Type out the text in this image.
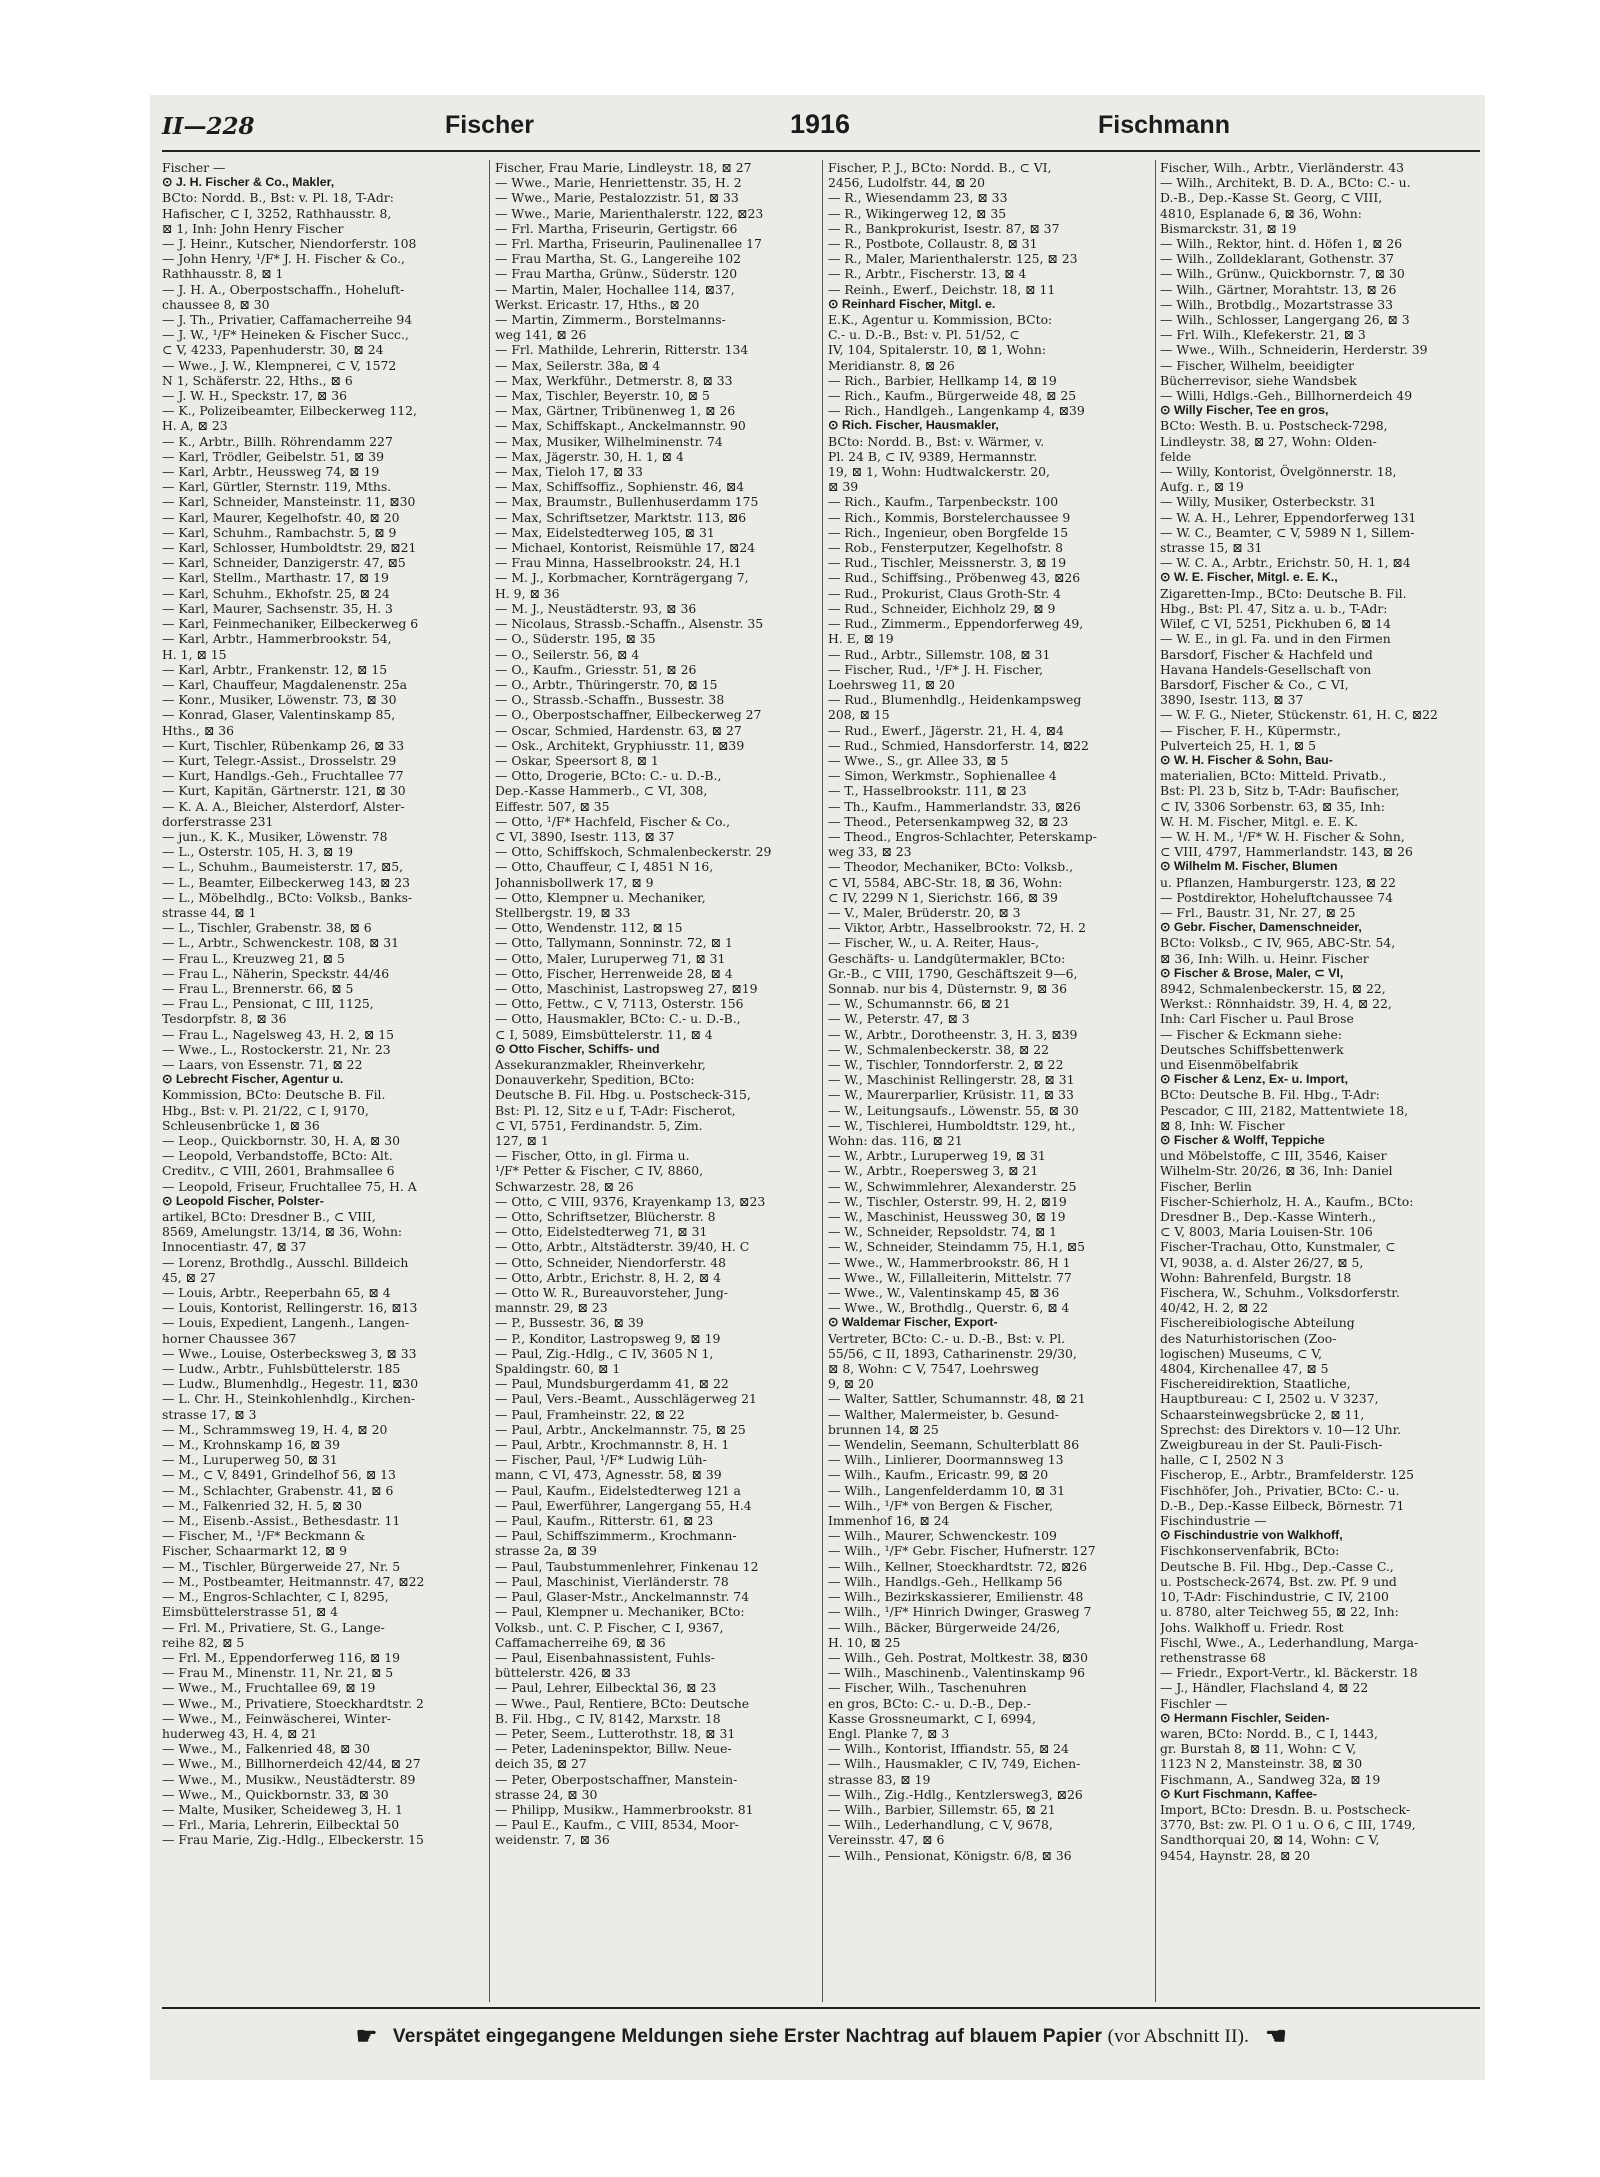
II—228	Fischer	1916	Fischmann
Fischer —
⊙ J. H. Fischer & Co., Makler,
BCto: Nordd. B., Bst: v. Pl. 18, T-Adr:
Hafischer, ⊂ I, 3252, Rathhausstr. 8,
⊠ 1, Inh: John Henry Fischer
— J. Heinr., Kutscher, Niendorferstr. 108
— John Henry, ¹/F* J. H. Fischer & Co.,
Rathhausstr. 8, ⊠ 1
— J. H. A., Oberpostschaffn., Hoheluft-
chaussee 8, ⊠ 30
— J. Th., Privatier, Caffamacherreihe 94
— J. W., ¹/F* Heineken & Fischer Succ.,
⊂ V, 4233, Papenhuderstr. 30, ⊠ 24
— Wwe., J. W., Klempnerei, ⊂ V, 1572
N 1, Schäferstr. 22, Hths., ⊠ 6
— J. W. H., Speckstr. 17, ⊠ 36
— K., Polizeibeamter, Eilbeckerweg 112,
H. A, ⊠ 23
— K., Arbtr., Billh. Röhrendamm 227
— Karl, Trödler, Geibelstr. 51, ⊠ 39
— Karl, Arbtr., Heussweg 74, ⊠ 19
— Karl, Gürtler, Sternstr. 119, Mths.
— Karl, Schneider, Mansteinstr. 11, ⊠30
— Karl, Maurer, Kegelhofstr. 40, ⊠ 20
— Karl, Schuhm., Rambachstr. 5, ⊠ 9
— Karl, Schlosser, Humboldtstr. 29, ⊠21
— Karl, Schneider, Danzigerstr. 47, ⊠5
— Karl, Stellm., Marthastr. 17, ⊠ 19
— Karl, Schuhm., Ekhofstr. 25, ⊠ 24
— Karl, Maurer, Sachsenstr. 35, H. 3
— Karl, Feinmechaniker, Eilbeckerweg 6
— Karl, Arbtr., Hammerbrookstr. 54,
H. 1, ⊠ 15
— Karl, Arbtr., Frankenstr. 12, ⊠ 15
— Karl, Chauffeur, Magdalenenstr. 25a
— Konr., Musiker, Löwenstr. 73, ⊠ 30
— Konrad, Glaser, Valentinskamp 85,
Hths., ⊠ 36
— Kurt, Tischler, Rübenkamp 26, ⊠ 33
— Kurt, Telegr.-Assist., Drosselstr. 29
— Kurt, Handlgs.-Geh., Fruchtallee 77
— Kurt, Kapitän, Gärtnerstr. 121, ⊠ 30
— K. A. A., Bleicher, Alsterdorf, Alster-
dorferstrasse 231
— jun., K. K., Musiker, Löwenstr. 78
— L., Osterstr. 105, H. 3, ⊠ 19
— L., Schuhm., Baumeisterstr. 17, ⊠5,
— L., Beamter, Eilbeckerweg 143, ⊠ 23
— L., Möbelhdlg., BCto: Volksb., Banks-
strasse 44, ⊠ 1
— L., Tischler, Grabenstr. 38, ⊠ 6
— L., Arbtr., Schwenckestr. 108, ⊠ 31
— Frau L., Kreuzweg 21, ⊠ 5
— Frau L., Näherin, Speckstr. 44/46
— Frau L., Brennerstr. 66, ⊠ 5
— Frau L., Pensionat, ⊂ III, 1125,
Tesdorpfstr. 8, ⊠ 36
— Frau L., Nagelsweg 43, H. 2, ⊠ 15
— Wwe., L., Rostockerstr. 21, Nr. 23
— Laars, von Essenstr. 71, ⊠ 22
⊙ Lebrecht Fischer, Agentur u.
Kommission, BCto: Deutsche B. Fil.
Hbg., Bst: v. Pl. 21/22, ⊂ I, 9170,
Schleusenbrücke 1, ⊠ 36
— Leop., Quickbornstr. 30, H. A, ⊠ 30
— Leopold, Verbandstoffe, BCto: Alt.
Creditv., ⊂ VIII, 2601, Brahmsallee 6
— Leopold, Friseur, Fruchtallee 75, H. A
⊙ Leopold Fischer, Polster-
artikel, BCto: Dresdner B., ⊂ VIII,
8569, Amelungstr. 13/14, ⊠ 36, Wohn:
Innocentiastr. 47, ⊠ 37
— Lorenz, Brothdlg., Ausschl. Billdeich
45, ⊠ 27
— Louis, Arbtr., Reeperbahn 65, ⊠ 4
— Louis, Kontorist, Rellingerstr. 16, ⊠13
— Louis, Expedient, Langenh., Langen-
horner Chaussee 367
— Wwe., Louise, Osterbecksweg 3, ⊠ 33
— Ludw., Arbtr., Fuhlsbüttelerstr. 185
— Ludw., Blumenhdlg., Hegestr. 11, ⊠30
— L. Chr. H., Steinkohlenhdlg., Kirchen-
strasse 17, ⊠ 3
— M., Schrammsweg 19, H. 4, ⊠ 20
— M., Krohnskamp 16, ⊠ 39
— M., Luruperweg 50, ⊠ 31
— M., ⊂ V, 8491, Grindelhof 56, ⊠ 13
— M., Schlachter, Grabenstr. 41, ⊠ 6
— M., Falkenried 32, H. 5, ⊠ 30
— M., Eisenb.-Assist., Bethesdastr. 11
— Fischer, M., ¹/F* Beckmann &
Fischer, Schaarmarkt 12, ⊠ 9
— M., Tischler, Bürgerweide 27, Nr. 5
— M., Postbeamter, Heitmannstr. 47, ⊠22
— M., Engros-Schlachter, ⊂ I, 8295,
Eimsbüttelerstrasse 51, ⊠ 4
— Frl. M., Privatiere, St. G., Lange-
reihe 82, ⊠ 5
— Frl. M., Eppendorferweg 116, ⊠ 19
— Frau M., Minenstr. 11, Nr. 21, ⊠ 5
— Wwe., M., Fruchtallee 69, ⊠ 19
— Wwe., M., Privatiere, Stoeckhardtstr. 2
— Wwe., M., Feinwäscherei, Winter-
huderweg 43, H. 4, ⊠ 21
— Wwe., M., Falkenried 48, ⊠ 30
— Wwe., M., Billhornerdeich 42/44, ⊠ 27
— Wwe., M., Musikw., Neustädterstr. 89
— Wwe., M., Quickbornstr. 33, ⊠ 30
— Malte, Musiker, Scheideweg 3, H. 1
— Frl., Maria, Lehrerin, Eilbecktal 50
— Frau Marie, Zig.-Hdlg., Elbeckerstr. 15
Fischer, Frau Marie, Lindleystr. 18, ⊠ 27
— Wwe., Marie, Henriettenstr. 35, H. 2
— Wwe., Marie, Pestalozzistr. 51, ⊠ 33
— Wwe., Marie, Marienthalerstr. 122, ⊠23
— Frl. Martha, Friseurin, Gertigstr. 66
— Frl. Martha, Friseurin, Paulinenallee 17
— Frau Martha, St. G., Langereihe 102
— Frau Martha, Grünw., Süderstr. 120
— Martin, Maler, Hochallee 114, ⊠37,
Werkst. Ericastr. 17, Hths., ⊠ 20
— Martin, Zimmerm., Borstelmanns-
weg 141, ⊠ 26
— Frl. Mathilde, Lehrerin, Ritterstr. 134
— Max, Seilerstr. 38a, ⊠ 4
— Max, Werkführ., Detmerstr. 8, ⊠ 33
— Max, Tischler, Beyerstr. 10, ⊠ 5
— Max, Gärtner, Tribünenweg 1, ⊠ 26
— Max, Schiffskapt., Anckelmannstr. 90
— Max, Musiker, Wilhelminenstr. 74
— Max, Jägerstr. 30, H. 1, ⊠ 4
— Max, Tieloh 17, ⊠ 33
— Max, Schiffsoffiz., Sophienstr. 46, ⊠4
— Max, Braumstr., Bullenhuserdamm 175
— Max, Schriftsetzer, Marktstr. 113, ⊠6
— Max, Eidelstedterweg 105, ⊠ 31
— Michael, Kontorist, Reismühle 17, ⊠24
— Frau Minna, Hasselbrookstr. 24, H.1
— M. J., Korbmacher, Kornträgergang 7,
H. 9, ⊠ 36
— M. J., Neustädterstr. 93, ⊠ 36
— Nicolaus, Strassb.-Schaffn., Alsenstr. 35
— O., Süderstr. 195, ⊠ 35
— O., Seilerstr. 56, ⊠ 4
— O., Kaufm., Griesstr. 51, ⊠ 26
— O., Arbtr., Thüringerstr. 70, ⊠ 15
— O., Strassb.-Schaffn., Bussestr. 38
— O., Oberpostschaffner, Eilbeckerweg 27
— Oscar, Schmied, Hardenstr. 63, ⊠ 27
— Osk., Architekt, Gryphiusstr. 11, ⊠39
— Oskar, Speersort 8, ⊠ 1
— Otto, Drogerie, BCto: C.- u. D.-B.,
Dep.-Kasse Hammerb., ⊂ VI, 308,
Eiffestr. 507, ⊠ 35
— Otto, ¹/F* Hachfeld, Fischer & Co.,
⊂ VI, 3890, Isestr. 113, ⊠ 37
— Otto, Schiffskoch, Schmalenbeckerstr. 29
— Otto, Chauffeur, ⊂ I, 4851 N 16,
Johannisbollwerk 17, ⊠ 9
— Otto, Klempner u. Mechaniker,
Stellbergstr. 19, ⊠ 33
— Otto, Wendenstr. 112, ⊠ 15
— Otto, Tallymann, Sonninstr. 72, ⊠ 1
— Otto, Maler, Luruperweg 71, ⊠ 31
— Otto, Fischer, Herrenweide 28, ⊠ 4
— Otto, Maschinist, Lastropsweg 27, ⊠19
— Otto, Fettw., ⊂ V, 7113, Osterstr. 156
— Otto, Hausmakler, BCto: C.- u. D.-B.,
⊂ I, 5089, Eimsbüttelerstr. 11, ⊠ 4
⊙ Otto Fischer, Schiffs- und
Assekuranzmakler, Rheinverkehr,
Donauverkehr, Spedition, BCto:
Deutsche B. Fil. Hbg. u. Postscheck-315,
Bst: Pl. 12, Sitz e u f, T-Adr: Fischerot,
⊂ VI, 5751, Ferdinandstr. 5, Zim.
127, ⊠ 1
— Fischer, Otto, in gl. Firma u.
¹/F* Petter & Fischer, ⊂ IV, 8860,
Schwarzestr. 28, ⊠ 26
— Otto, ⊂ VIII, 9376, Krayenkamp 13, ⊠23
— Otto, Schriftsetzer, Blücherstr. 8
— Otto, Eidelstedterweg 71, ⊠ 31
— Otto, Arbtr., Altstädterstr. 39/40, H. C
— Otto, Schneider, Niendorferstr. 48
— Otto, Arbtr., Erichstr. 8, H. 2, ⊠ 4
— Otto W. R., Bureauvorsteher, Jung-
mannstr. 29, ⊠ 23
— P., Bussestr. 36, ⊠ 39
— P., Konditor, Lastropsweg 9, ⊠ 19
— Paul, Zig.-Hdlg., ⊂ IV, 3605 N 1,
Spaldingstr. 60, ⊠ 1
— Paul, Mundsburgerdamm 41, ⊠ 22
— Paul, Vers.-Beamt., Ausschlägerweg 21
— Paul, Framheinstr. 22, ⊠ 22
— Paul, Arbtr., Anckelmannstr. 75, ⊠ 25
— Paul, Arbtr., Krochmannstr. 8, H. 1
— Fischer, Paul, ¹/F* Ludwig Lüh-
mann, ⊂ VI, 473, Agnesstr. 58, ⊠ 39
— Paul, Kaufm., Eidelstedterweg 121 a
— Paul, Ewerführer, Langergang 55, H.4
— Paul, Kaufm., Ritterstr. 61, ⊠ 23
— Paul, Schiffszimmerm., Krochmann-
strasse 2a, ⊠ 39
— Paul, Taubstummenlehrer, Finkenau 12
— Paul, Maschinist, Vierländerstr. 78
— Paul, Glaser-Mstr., Anckelmannstr. 74
— Paul, Klempner u. Mechaniker, BCto:
Volksb., unt. C. P. Fischer, ⊂ I, 9367,
Caffamacherreihe 69, ⊠ 36
— Paul, Eisenbahnassistent, Fuhls-
büttelerstr. 426, ⊠ 33
— Paul, Lehrer, Eilbecktal 36, ⊠ 23
— Wwe., Paul, Rentiere, BCto: Deutsche
B. Fil. Hbg., ⊂ IV, 8142, Marxstr. 18
— Peter, Seem., Lutterothstr. 18, ⊠ 31
— Peter, Ladeninspektor, Billw. Neue-
deich 35, ⊠ 27
— Peter, Oberpostschaffner, Manstein-
strasse 24, ⊠ 30
— Philipp, Musikw., Hammerbrookstr. 81
— Paul E., Kaufm., ⊂ VIII, 8534, Moor-
weidenstr. 7, ⊠ 36
Fischer, P. J., BCto: Nordd. B., ⊂ VI,
2456, Ludolfstr. 44, ⊠ 20
— R., Wiesendamm 23, ⊠ 33
— R., Wikingerweg 12, ⊠ 35
— R., Bankprokurist, Isestr. 87, ⊠ 37
— R., Postbote, Collaustr. 8, ⊠ 31
— R., Maler, Marienthalerstr. 125, ⊠ 23
— R., Arbtr., Fischerstr. 13, ⊠ 4
— Reinh., Ewerf., Deichstr. 18, ⊠ 11
⊙ Reinhard Fischer, Mitgl. e.
E.K., Agentur u. Kommission, BCto:
C.- u. D.-B., Bst: v. Pl. 51/52, ⊂
IV, 104, Spitalerstr. 10, ⊠ 1, Wohn:
Meridianstr. 8, ⊠ 26
— Rich., Barbier, Hellkamp 14, ⊠ 19
— Rich., Kaufm., Bürgerweide 48, ⊠ 25
— Rich., Handlgeh., Langenkamp 4, ⊠39
⊙ Rich. Fischer, Hausmakler,
BCto: Nordd. B., Bst: v. Wärmer, v.
Pl. 24 B, ⊂ IV, 9389, Hermannstr.
19, ⊠ 1, Wohn: Hudtwalckerstr. 20,
⊠ 39
— Rich., Kaufm., Tarpenbeckstr. 100
— Rich., Kommis, Borstelerchaussee 9
— Rich., Ingenieur, oben Borgfelde 15
— Rob., Fensterputzer, Kegelhofstr. 8
— Rud., Tischler, Meissnerstr. 3, ⊠ 19
— Rud., Schiffsing., Pröbenweg 43, ⊠26
— Rud., Prokurist, Claus Groth-Str. 4
— Rud., Schneider, Eichholz 29, ⊠ 9
— Rud., Zimmerm., Eppendorferweg 49,
H. E, ⊠ 19
— Rud., Arbtr., Sillemstr. 108, ⊠ 31
— Fischer, Rud., ¹/F* J. H. Fischer,
Loehrsweg 11, ⊠ 20
— Rud., Blumenhdlg., Heidenkampsweg
208, ⊠ 15
— Rud., Ewerf., Jägerstr. 21, H. 4, ⊠4
— Rud., Schmied, Hansdorferstr. 14, ⊠22
— Wwe., S., gr. Allee 33, ⊠ 5
— Simon, Werkmstr., Sophienallee 4
— T., Hasselbrookstr. 111, ⊠ 23
— Th., Kaufm., Hammerlandstr. 33, ⊠26
— Theod., Petersenkampweg 32, ⊠ 23
— Theod., Engros-Schlachter, Peterskamp-
weg 33, ⊠ 23
— Theodor, Mechaniker, BCto: Volksb.,
⊂ VI, 5584, ABC-Str. 18, ⊠ 36, Wohn:
⊂ IV, 2299 N 1, Sierichstr. 166, ⊠ 39
— V., Maler, Brüderstr. 20, ⊠ 3
— Viktor, Arbtr., Hasselbrookstr. 72, H. 2
— Fischer, W., u. A. Reiter, Haus-,
Geschäfts- u. Landgütermakler, BCto:
Gr.-B., ⊂ VIII, 1790, Geschäftszeit 9—6,
Sonnab. nur bis 4, Düsternstr. 9, ⊠ 36
— W., Schumannstr. 66, ⊠ 21
— W., Peterstr. 47, ⊠ 3
— W., Arbtr., Dorotheenstr. 3, H. 3, ⊠39
— W., Schmalenbeckerstr. 38, ⊠ 22
— W., Tischler, Tonndorferstr. 2, ⊠ 22
— W., Maschinist Rellingerstr. 28, ⊠ 31
— W., Maurerparlier, Krüsistr. 11, ⊠ 33
— W., Leitungsaufs., Löwenstr. 55, ⊠ 30
— W., Tischlerei, Humboldtstr. 129, ht.,
Wohn: das. 116, ⊠ 21
— W., Arbtr., Luruperweg 19, ⊠ 31
— W., Arbtr., Roepersweg 3, ⊠ 21
— W., Schwimmlehrer, Alexanderstr. 25
— W., Tischler, Osterstr. 99, H. 2, ⊠19
— W., Maschinist, Heussweg 30, ⊠ 19
— W., Schneider, Repsoldstr. 74, ⊠ 1
— W., Schneider, Steindamm 75, H.1, ⊠5
— Wwe., W., Hammerbrookstr. 86, H 1
— Wwe., W., Fillalleiterin, Mittelstr. 77
— Wwe., W., Valentinskamp 45, ⊠ 36
— Wwe., W., Brothdlg., Querstr. 6, ⊠ 4
⊙ Waldemar Fischer, Export-
Vertreter, BCto: C.- u. D.-B., Bst: v. Pl.
55/56, ⊂ II, 1893, Catharinenstr. 29/30,
⊠ 8, Wohn: ⊂ V, 7547, Loehrsweg
9, ⊠ 20
— Walter, Sattler, Schumannstr. 48, ⊠ 21
— Walther, Malermeister, b. Gesund-
brunnen 14, ⊠ 25
— Wendelin, Seemann, Schulterblatt 86
— Wilh., Linlierer, Doormannsweg 13
— Wilh., Kaufm., Ericastr. 99, ⊠ 20
— Wilh., Langenfelderdamm 10, ⊠ 31
— Wilh., ¹/F* von Bergen & Fischer,
Immenhof 16, ⊠ 24
— Wilh., Maurer, Schwenckestr. 109
— Wilh., ¹/F* Gebr. Fischer, Hufnerstr. 127
— Wilh., Kellner, Stoeckhardtstr. 72, ⊠26
— Wilh., Handlgs.-Geh., Hellkamp 56
— Wilh., Bezirkskassierer, Emilienstr. 48
— Wilh., ¹/F* Hinrich Dwinger, Grasweg 7
— Wilh., Bäcker, Bürgerweide 24/26,
H. 10, ⊠ 25
— Wilh., Geh. Postrat, Moltkestr. 38, ⊠30
— Wilh., Maschinenb., Valentinskamp 96
— Fischer, Wilh., Taschenuhren
en gros, BCto: C.- u. D.-B., Dep.-
Kasse Grossneumarkt, ⊂ I, 6994,
Engl. Planke 7, ⊠ 3
— Wilh., Kontorist, Iffiandstr. 55, ⊠ 24
— Wilh., Hausmakler, ⊂ IV, 749, Eichen-
strasse 83, ⊠ 19
— Wilh., Zig.-Hdlg., Kentzlersweg3, ⊠26
— Wilh., Barbier, Sillemstr. 65, ⊠ 21
— Wilh., Lederhandlung, ⊂ V, 9678,
Vereinsstr. 47, ⊠ 6
— Wilh., Pensionat, Königstr. 6/8, ⊠ 36
Fischer, Wilh., Arbtr., Vierländerstr. 43
— Wilh., Architekt, B. D. A., BCto: C.- u.
D.-B., Dep.-Kasse St. Georg, ⊂ VIII,
4810, Esplanade 6, ⊠ 36, Wohn:
Bismarckstr. 31, ⊠ 19
— Wilh., Rektor, hint. d. Höfen 1, ⊠ 26
— Wilh., Zolldeklarant, Gothenstr. 37
— Wilh., Grünw., Quickbornstr. 7, ⊠ 30
— Wilh., Gärtner, Morahtstr. 13, ⊠ 26
— Wilh., Brotbdlg., Mozartstrasse 33
— Wilh., Schlosser, Langergang 26, ⊠ 3
— Frl. Wilh., Klefekerstr. 21, ⊠ 3
— Wwe., Wilh., Schneiderin, Herderstr. 39
— Fischer, Wilhelm, beeidigter
Bücherrevisor, siehe Wandsbek
— Willi, Hdlgs.-Geh., Billhornerdeich 49
⊙ Willy Fischer, Tee en gros,
BCto: Westh. B. u. Postscheck-7298,
Lindleystr. 38, ⊠ 27, Wohn: Olden-
felde
— Willy, Kontorist, Övelgönnerstr. 18,
Aufg. r., ⊠ 19
— Willy, Musiker, Osterbeckstr. 31
— W. A. H., Lehrer, Eppendorferweg 131
— W. C., Beamter, ⊂ V, 5989 N 1, Sillem-
strasse 15, ⊠ 31
— W. C. A., Arbtr., Erichstr. 50, H. 1, ⊠4
⊙ W. E. Fischer, Mitgl. e. E. K.,
Zigaretten-Imp., BCto: Deutsche B. Fil.
Hbg., Bst: Pl. 47, Sitz a. u. b., T-Adr:
Wilef, ⊂ VI, 5251, Pickhuben 6, ⊠ 14
— W. E., in gl. Fa. und in den Firmen
Barsdorf, Fischer & Hachfeld und
Havana Handels-Gesellschaft von
Barsdorf, Fischer & Co., ⊂ VI,
3890, Isestr. 113, ⊠ 37
— W. F. G., Nieter, Stückenstr. 61, H. C, ⊠22
— Fischer, F. H., Küpermstr.,
Pulverteich 25, H. 1, ⊠ 5
⊙ W. H. Fischer & Sohn, Bau-
materialien, BCto: Mitteld. Privatb.,
Bst: Pl. 23 b, Sitz b, T-Adr: Baufischer,
⊂ IV, 3306 Sorbenstr. 63, ⊠ 35, Inh:
W. H. M. Fischer, Mitgl. e. E. K.
— W. H. M., ¹/F* W. H. Fischer & Sohn,
⊂ VIII, 4797, Hammerlandstr. 143, ⊠ 26
⊙ Wilhelm M. Fischer, Blumen
u. Pflanzen, Hamburgerstr. 123, ⊠ 22
— Postdirektor, Hoheluftchaussee 74
— Frl., Baustr. 31, Nr. 27, ⊠ 25
⊙ Gebr. Fischer, Damenschneider,
BCto: Volksb., ⊂ IV, 965, ABC-Str. 54,
⊠ 36, Inh: Wilh. u. Heinr. Fischer
⊙ Fischer & Brose, Maler, ⊂ VI,
8942, Schmalenbeckerstr. 15, ⊠ 22,
Werkst.: Rönnhaidstr. 39, H. 4, ⊠ 22,
Inh: Carl Fischer u. Paul Brose
— Fischer & Eckmann siehe:
Deutsches Schiffsbettenwerk
und Eisenmöbelfabrik
⊙ Fischer & Lenz, Ex- u. Import,
BCto: Deutsche B. Fil. Hbg., T-Adr:
Pescador, ⊂ III, 2182, Mattentwiete 18,
⊠ 8, Inh: W. Fischer
⊙ Fischer & Wolff, Teppiche
und Möbelstoffe, ⊂ III, 3546, Kaiser
Wilhelm-Str. 20/26, ⊠ 36, Inh: Daniel
Fischer, Berlin
Fischer-Schierholz, H. A., Kaufm., BCto:
Dresdner B., Dep.-Kasse Winterh.,
⊂ V, 8003, Maria Louisen-Str. 106
Fischer-Trachau, Otto, Kunstmaler, ⊂
VI, 9038, a. d. Alster 26/27, ⊠ 5,
Wohn: Bahrenfeld, Burgstr. 18
Fischera, W., Schuhm., Volksdorferstr.
40/42, H. 2, ⊠ 22
Fischereibiologische Abteilung
des Naturhistorischen (Zoo-
logischen) Museums, ⊂ V,
4804, Kirchenallee 47, ⊠ 5
Fischereidirektion, Staatliche,
Hauptbureau: ⊂ I, 2502 u. V 3237,
Schaarsteinwegsbrücke 2, ⊠ 11,
Sprechst: des Direktors v. 10—12 Uhr.
Zweigbureau in der St. Pauli-Fisch-
halle, ⊂ I, 2502 N 3
Fischerop, E., Arbtr., Bramfelderstr. 125
Fischhöfer, Joh., Privatier, BCto: C.- u.
D.-B., Dep.-Kasse Eilbeck, Börnestr. 71
Fischindustrie —
⊙ Fischindustrie von Walkhoff,
Fischkonservenfabrik, BCto:
Deutsche B. Fil. Hbg., Dep.-Casse C.,
u. Postscheck-2674, Bst. zw. Pf. 9 und
10, T-Adr: Fischindustrie, ⊂ IV, 2100
u. 8780, alter Teichweg 55, ⊠ 22, Inh:
Johs. Walkhoff u. Friedr. Rost
Fischl, Wwe., A., Lederhandlung, Marga-
rethenstrasse 68
— Friedr., Export-Vertr., kl. Bäckerstr. 18
— J., Händler, Flachsland 4, ⊠ 22
Fischler —
⊙ Hermann Fischler, Seiden-
waren, BCto: Nordd. B., ⊂ I, 1443,
gr. Burstah 8, ⊠ 11, Wohn: ⊂ V,
1123 N 2, Mansteinstr. 38, ⊠ 30
Fischmann, A., Sandweg 32a, ⊠ 19
⊙ Kurt Fischmann, Kaffee-
Import, BCto: Dresdn. B. u. Postscheck-
3770, Bst: zw. Pl. O 1 u. O 6, ⊂ III, 1749,
Sandthorquai 20, ⊠ 14, Wohn: ⊂ V,
9454, Haynstr. 28, ⊠ 20
☛ Verspätet eingegangene Meldungen siehe Erster Nachtrag auf blauem Papier (vor Abschnitt II). ☛
